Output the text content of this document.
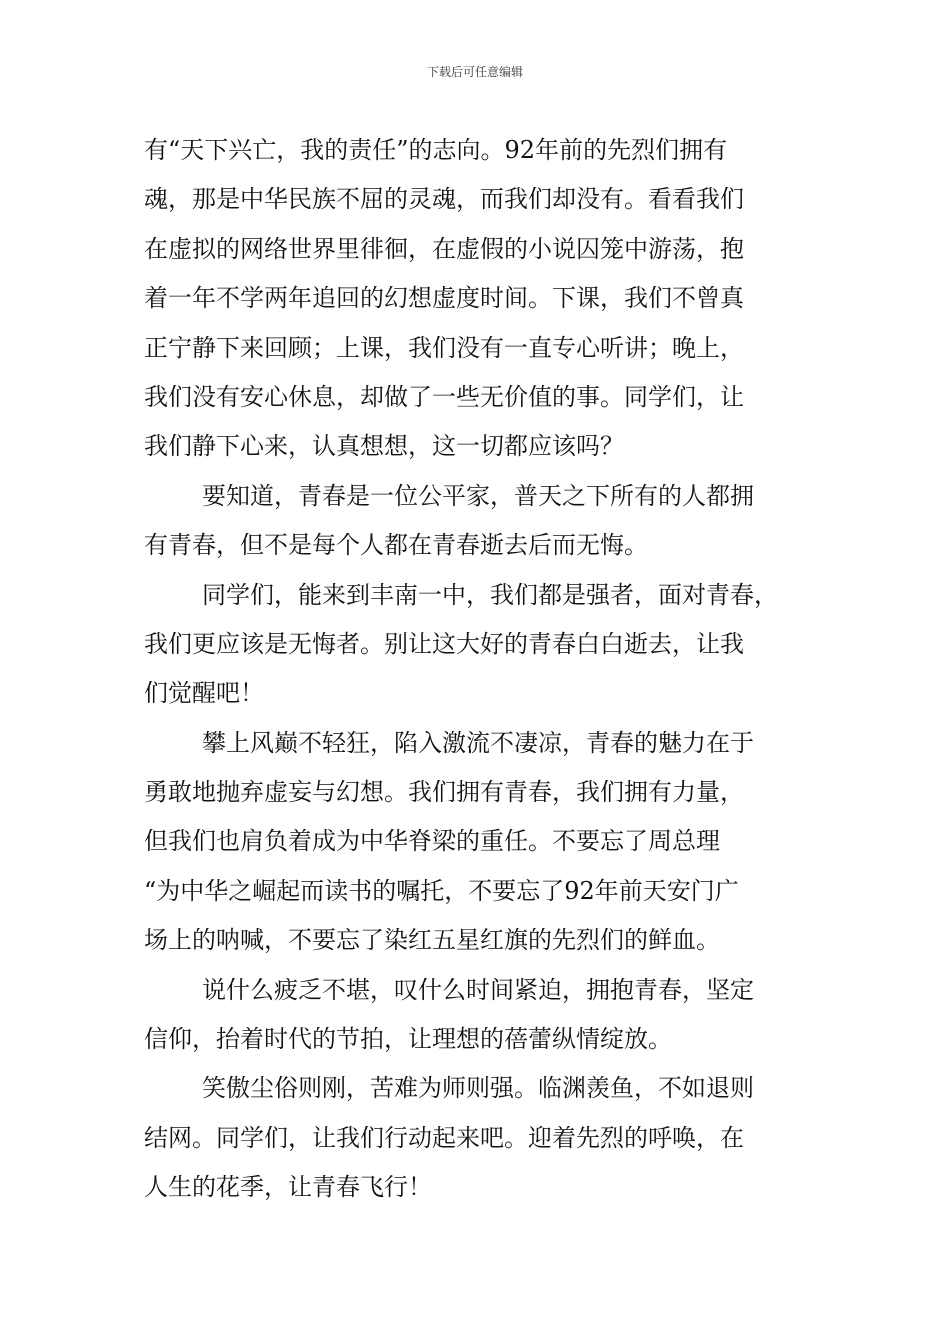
下载后可任意编辑
有“天下兴亡，我的责任”的志向。92年前的先烈们拥有
魂，那是中华民族不屈的灵魂，而我们却没有。看看我们
在虚拟的网络世界里徘徊，在虚假的小说囚笼中游荡，抱
着一年不学两年追回的幻想虚度时间。下课，我们不曾真
正宁静下来回顾；上课，我们没有一直专心听讲；晚上，
我们没有安心休息，却做了一些无价值的事。同学们，让
我们静下心来，认真想想，这一切都应该吗？
要知道，青春是一位公平家，普天之下所有的人都拥
有青春，但不是每个人都在青春逝去后而无悔。
同学们，能来到丰南一中，我们都是强者，面对青春，
我们更应该是无悔者。别让这大好的青春白白逝去，让我
们觉醒吧！
攀上风巅不轻狂，陷入激流不凄凉，青春的魅力在于
勇敢地抛弃虚妄与幻想。我们拥有青春，我们拥有力量，
但我们也肩负着成为中华脊梁的重任。不要忘了周总理
“为中华之崛起而读书的嘱托，不要忘了92年前天安门广
场上的呐喊，不要忘了染红五星红旗的先烈们的鲜血。
说什么疲乏不堪，叹什么时间紧迫，拥抱青春，坚定
信仰，抬着时代的节拍，让理想的蓓蕾纵情绽放。
笑傲尘俗则刚，苦难为师则强。临渊羡鱼，不如退则
结网。同学们，让我们行动起来吧。迎着先烈的呼唤，在
人生的花季，让青春飞行！
